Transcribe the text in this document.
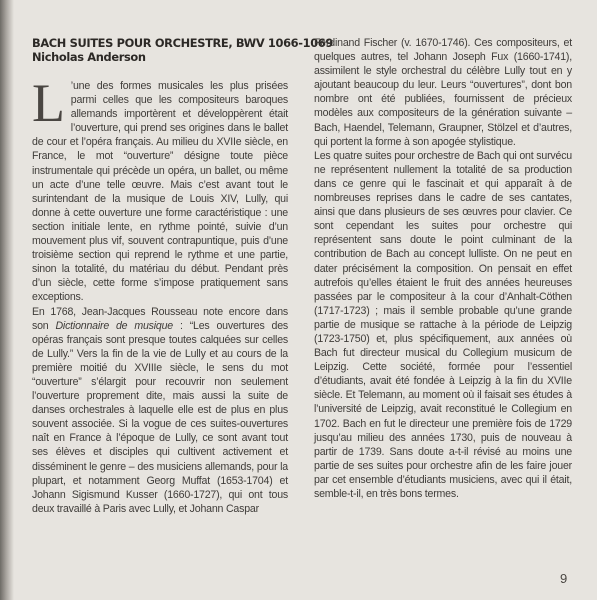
BACH SUITES POUR ORCHESTRE, BWV 1066-1069
Nicholas Anderson

L ’une des formes musicales les plus prisées parmi celles que les compositeurs baroques allemands importèrent et développèrent était l’ouverture, qui prend ses origines dans le ballet de cour et l’opéra français. Au milieu du XVIIe siècle, en France, le mot “ouverture” désigne toute pièce instrumentale qui précède un opéra, un ballet, ou même un acte d’une telle œuvre. Mais c’est avant tout le surintendant de la musique de Louis XIV, Lully, qui donne à cette ouverture une forme caractéristique : une section initiale lente, en rythme pointé, suivie d’un mouvement plus vif, souvent contrapuntique, puis d’une troisième section qui reprend le rythme et une partie, sinon la totalité, du matériau du début. Pendant près d’un siècle, cette forme s’impose pratiquement sans exceptions.

En 1768, Jean-Jacques Rousseau note encore dans son Dictionnaire de musique : “Les ouvertures des opéras français sont presque toutes calquées sur celles de Lully.” Vers la fin de la vie de Lully et au cours de la première moitié du XVIIIe siècle, le sens du mot “ouverture” s’élargit pour recouvrir non seulement l’ouverture proprement dite, mais aussi la suite de danses orchestrales à laquelle elle est de plus en plus souvent associée. Si la vogue de ces suites-ouvertures naît en France à l’époque de Lully, ce sont avant tout ses élèves et disciples qui cultivent activement et disséminent le genre – des musiciens allemands, pour la plupart, et notamment Georg Muffat (1653-1704) et Johann Sigismund Kusser (1660-1727), qui ont tous deux travaillé à Paris avec Lully, et Johann Caspar

Ferdinand Fischer (v. 1670-1746). Ces compositeurs, et quelques autres, tel Johann Joseph Fux (1660-1741), assimilent le style orchestral du célèbre Lully tout en y ajoutant beaucoup du leur. Leurs “ouvertures”, dont bon nombre ont été publiées, fournissent de précieux modèles aux compositeurs de la génération suivante – Bach, Haendel, Telemann, Graupner, Stölzel et d’autres, qui portent la forme à son apogée stylistique.

Les quatre suites pour orchestre de Bach qui ont survécu ne représentent nullement la totalité de sa production dans ce genre qui le fascinait et qui apparaît à de nombreuses reprises dans le cadre de ses cantates, ainsi que dans plusieurs de ses œuvres pour clavier. Ce sont cependant les suites pour orchestre qui représentent sans doute le point culminant de la contribution de Bach au concept lulliste. On ne peut en dater précisément la composition. On pensait en effet autrefois qu’elles étaient le fruit des années heureuses passées par le compositeur à la cour d’Anhalt-Cöthen (1717-1723) ; mais il semble probable qu’une grande partie de musique se rattache à la période de Leipzig (1723-1750) et, plus spécifiquement, aux années où Bach fut directeur musical du Collegium musicum de Leipzig. Cette société, formée pour l’essentiel d’étudiants, avait été fondée à Leipzig à la fin du XVIIe siècle. Et Telemann, au moment où il faisait ses études à l’université de Leipzig, avait reconstitué le Collegium en 1702. Bach en fut le directeur une première fois de 1729 jusqu’au milieu des années 1730, puis de nouveau à partir de 1739. Sans doute a-t-il révisé au moins une partie de ses suites pour orchestre afin de les faire jouer par cet ensemble d’étudiants musiciens, avec qui il était, semble-t-il, en très bons termes.

9
